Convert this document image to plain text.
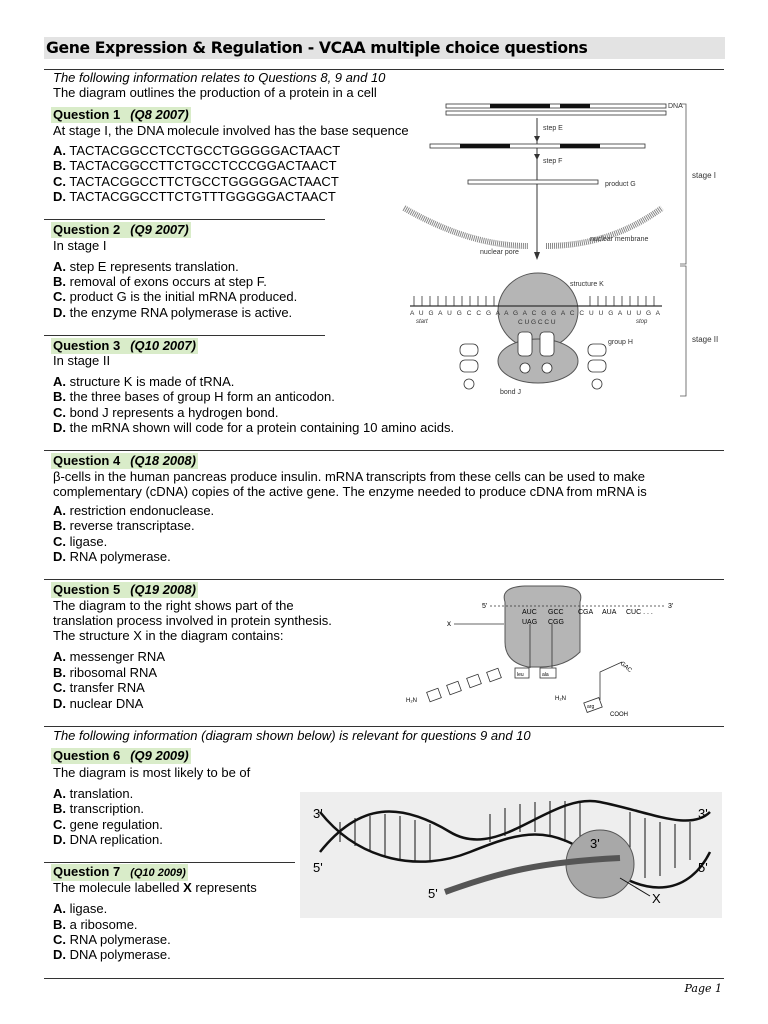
Gene Expression & Regulation - VCAA multiple choice questions
The following information relates to Questions 8, 9 and 10
The diagram outlines the production of a protein in a cell
Question 1 (Q8 2007)
At stage I, the DNA molecule involved has the base sequence
A. TACTACGGCCTCCTGCCTGGGGGACTAACT
B. TACTACGGCCTTCTGCCTCCCGGACTAACT
C. TACTACGGCCTTCTGCCTGGGGGACTAACT
D. TACTACGGCCTTCTGTTTGGGGGACTAACT
Question 2 (Q9 2007)
In stage I
A. step E represents translation.
B. removal of exons occurs at step F.
C. product G is the initial mRNA produced.
D. the enzyme RNA polymerase is active.
Question 3 (Q10 2007)
In stage II
A. structure K is made of tRNA.
B. the three bases of group H form an anticodon.
C. bond J represents a hydrogen bond.
D. the mRNA shown will code for a protein containing 10 amino acids.
Question 4 (Q18 2008)
β-cells in the human pancreas produce insulin. mRNA transcripts from these cells can be used to make
complementary (cDNA) copies of the active gene. The enzyme needed to produce cDNA from mRNA is
A. restriction endonuclease.
B. reverse transcriptase.
C. ligase.
D. RNA polymerase.
Question 5 (Q19 2008)
The diagram to the right shows part of the
translation process involved in protein synthesis.
The structure X in the diagram contains:
A. messenger RNA
B. ribosomal RNA
C. transfer RNA
D. nuclear DNA
The following information (diagram shown below) is relevant for questions 9 and 10
Question 6 (Q9 2009)
The diagram is most likely to be of
A. translation.
B. transcription.
C. gene regulation.
D. DNA replication.
Question 7 (Q10 2009)
The molecule labelled X represents
A. ligase.
B. a ribosome.
C. RNA polymerase.
D. DNA polymerase.
Page 1
DNA
step E
step F
product G
nuclear membrane
nuclear pore
stage I
stage II
structure K
A U G A U G C C G A A G A C G G A C C U U G A U U G A
start	stop
C U G C C U
group H
bond J
5'	3'
AUC GCC CGA AUA CUC . . .
UAG CGG
x
leu	ala
arg
H₂N	H₂N
COOH
GAC
3'	3'
5'	5'
3'
5'	X
